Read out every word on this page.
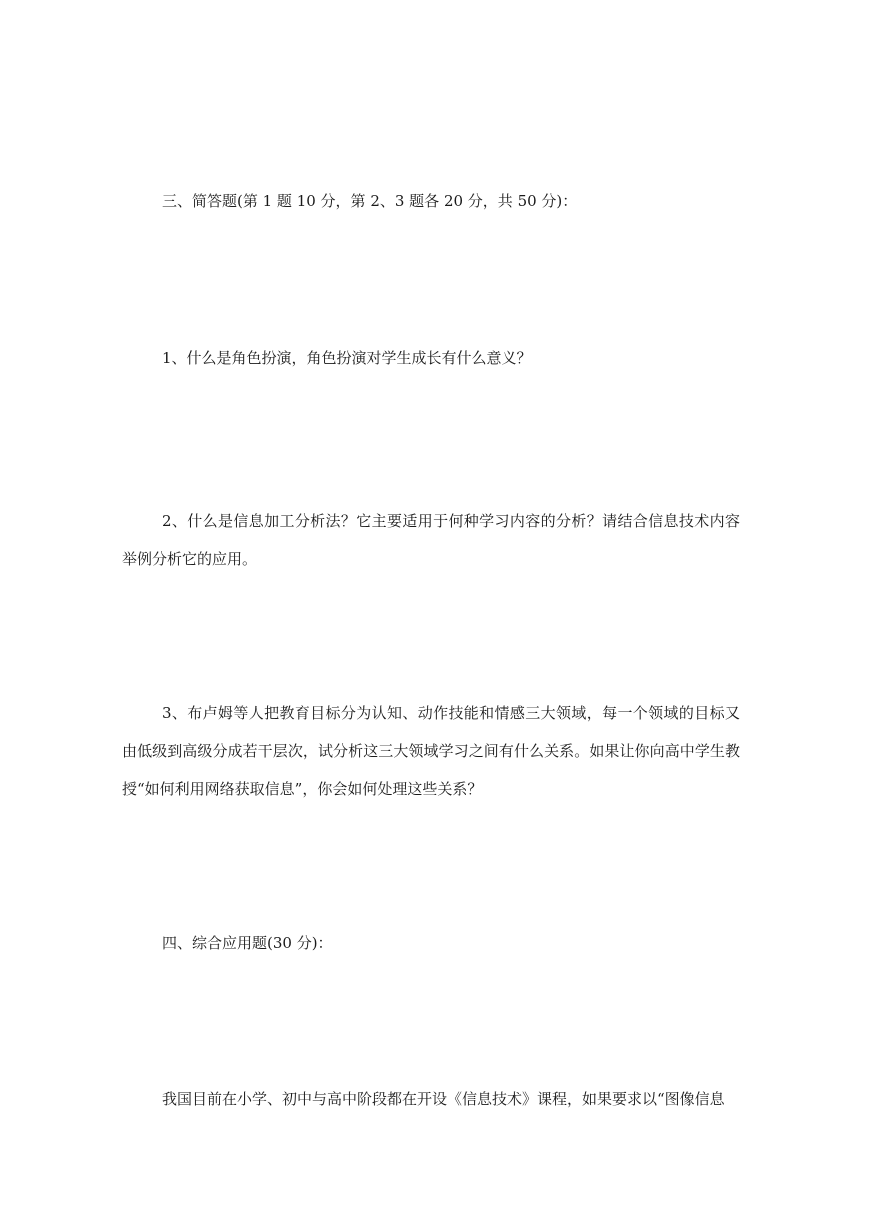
三、简答题(第 1 题 10 分，第 2、3 题各 20 分，共 50 分)：

1、什么是角色扮演，角色扮演对学生成长有什么意义？

2、什么是信息加工分析法？它主要适用于何种学习内容的分析？请结合信息技术内容举例分析它的应用。

3、布卢姆等人把教育目标分为认知、动作技能和情感三大领域，每一个领域的目标又由低级到高级分成若干层次，试分析这三大领域学习之间有什么关系。如果让你向高中学生教授“如何利用网络获取信息”，你会如何处理这些关系？

四、综合应用题(30 分)：

我国目前在小学、初中与高中阶段都在开设《信息技术》课程，如果要求以“图像信息
